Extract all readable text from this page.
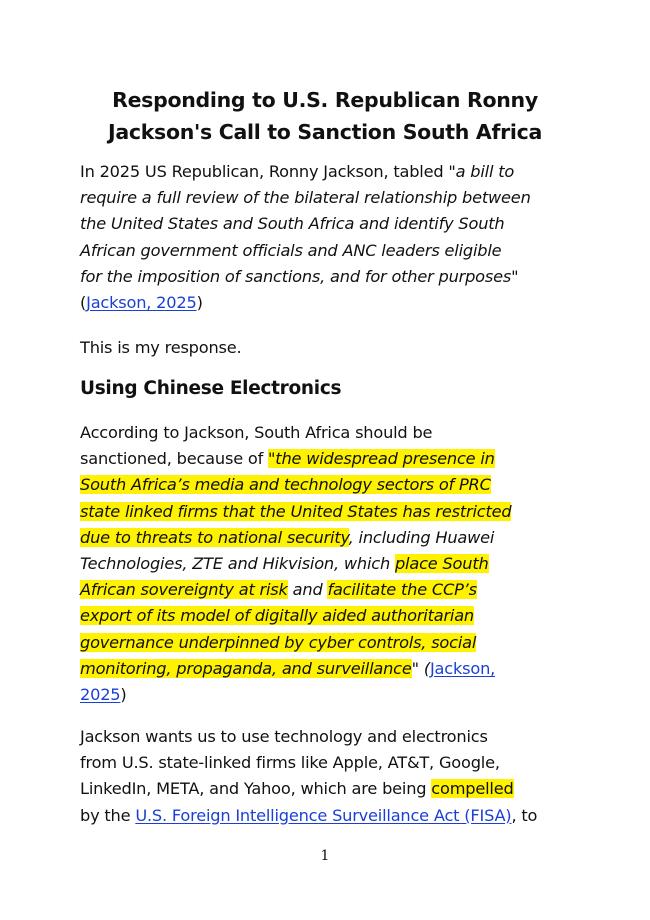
Responding to U.S. Republican Ronny
Jackson's Call to Sanction South Africa

In 2025 US Republican, Ronny Jackson, tabled "a bill to
require a full review of the bilateral relationship between
the United States and South Africa and identify South
African government officials and ANC leaders eligible
for the imposition of sanctions, and for other purposes"
(Jackson, 2025)

This is my response.

Using Chinese Electronics

According to Jackson, South Africa should be
sanctioned, because of "the widespread presence in
South Africa’s media and technology sectors of PRC
state linked firms that the United States has restricted
due to threats to national security, including Huawei
Technologies, ZTE and Hikvision, which place South
African sovereignty at risk and facilitate the CCP’s
export of its model of digitally aided authoritarian
governance underpinned by cyber controls, social
monitoring, propaganda, and surveillance" (Jackson,
2025)

Jackson wants us to use technology and electronics
from U.S. state-linked firms like Apple, AT&T, Google,
LinkedIn, META, and Yahoo, which are being compelled
by the U.S. Foreign Intelligence Surveillance Act (FISA), to

1
